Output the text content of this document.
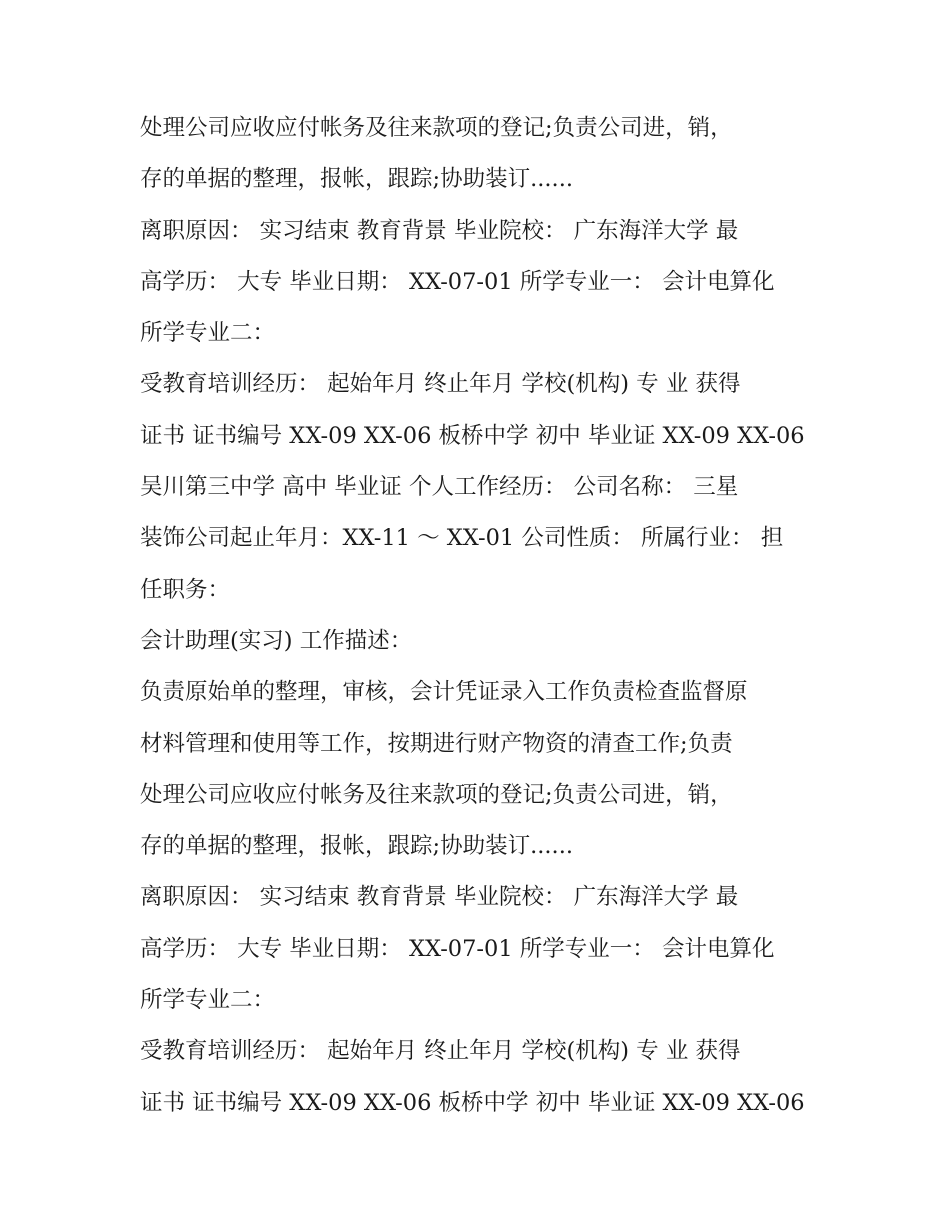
处理公司应收应付帐务及往来款项的登记;负责公司进，销，
存的单据的整理，报帐，跟踪;协助装订......
离职原因： 实习结束 教育背景 毕业院校： 广东海洋大学 最
高学历： 大专 毕业日期： XX-07-01 所学专业一： 会计电算化
所学专业二：
受教育培训经历： 起始年月 终止年月 学校(机构) 专 业 获得
证书 证书编号 XX-09 XX-06 板桥中学 初中 毕业证 XX-09 XX-06
吴川第三中学 高中 毕业证 个人工作经历： 公司名称： 三星
装饰公司起止年月：XX-11 ～ XX-01 公司性质： 所属行业： 担
任职务：
会计助理(实习) 工作描述：
负责原始单的整理，审核，会计凭证录入工作负责检查监督原
材料管理和使用等工作，按期进行财产物资的清查工作;负责
处理公司应收应付帐务及往来款项的登记;负责公司进，销，
存的单据的整理，报帐，跟踪;协助装订......
离职原因： 实习结束 教育背景 毕业院校： 广东海洋大学 最
高学历： 大专 毕业日期： XX-07-01 所学专业一： 会计电算化
所学专业二：
受教育培训经历： 起始年月 终止年月 学校(机构) 专 业 获得
证书 证书编号 XX-09 XX-06 板桥中学 初中 毕业证 XX-09 XX-06
